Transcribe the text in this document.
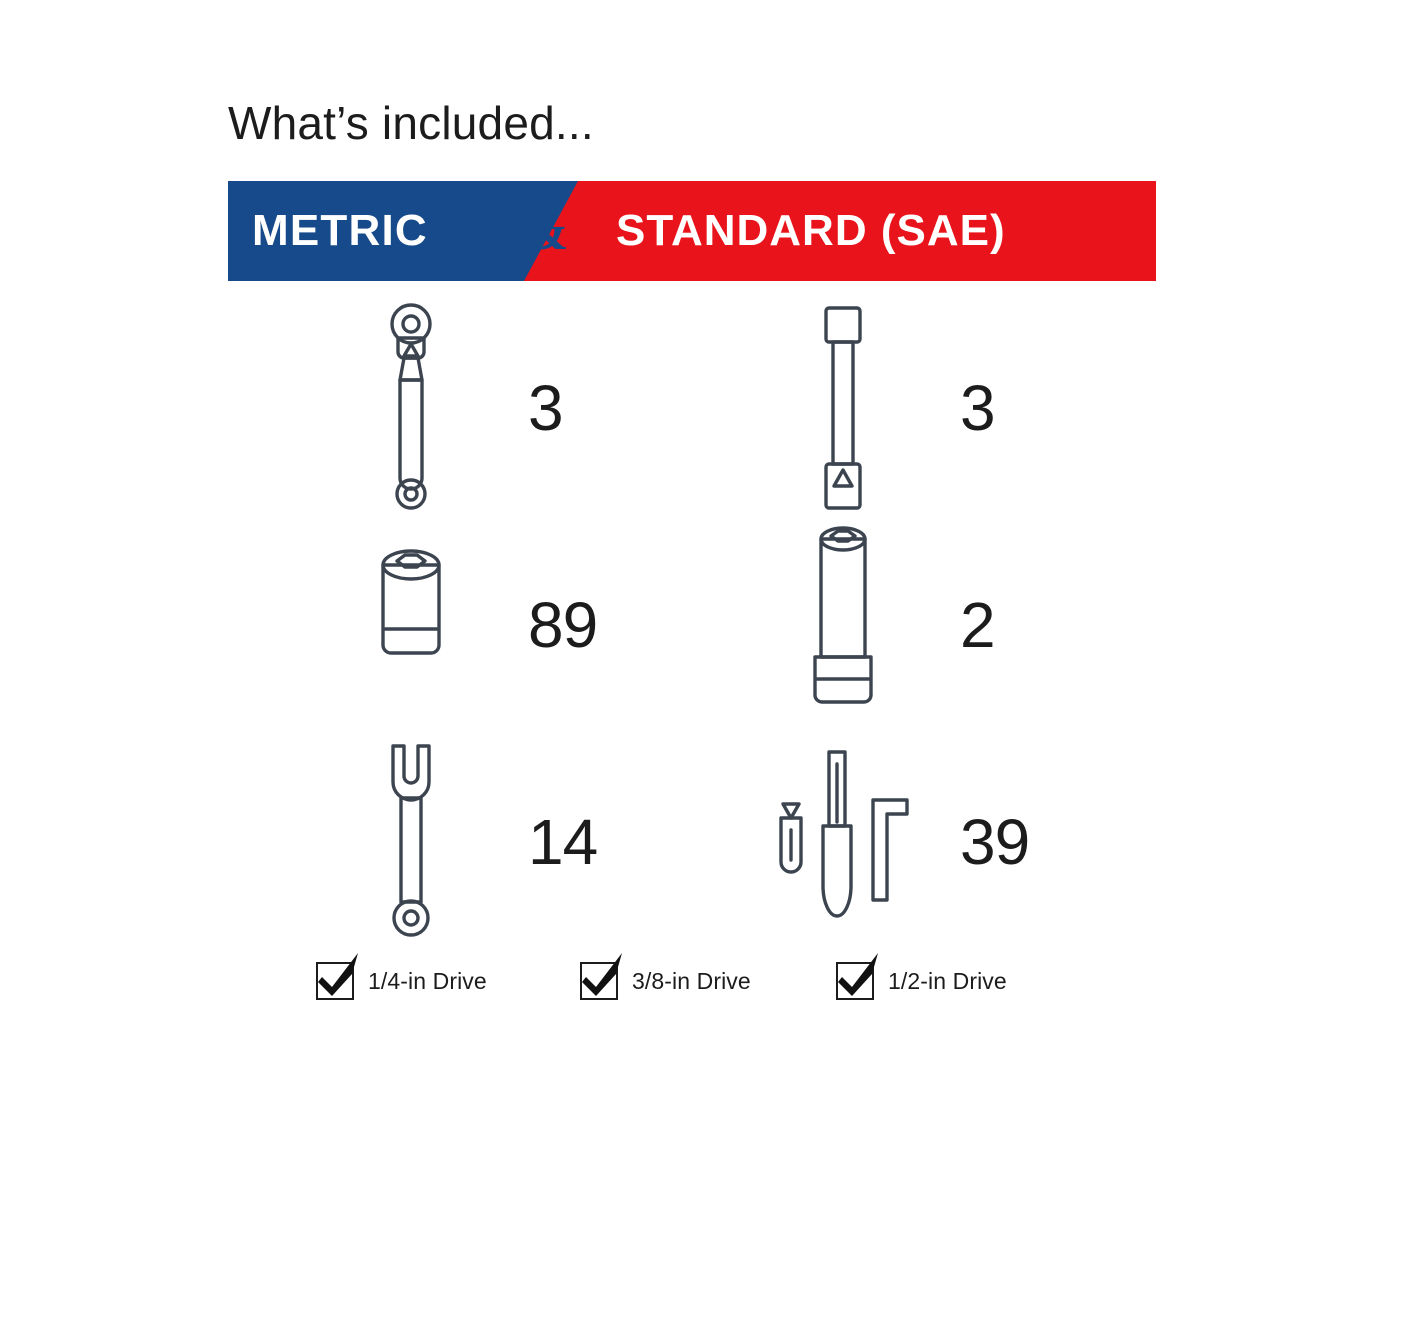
What’s included...
METRIC & STANDARD (SAE)
3	3
89	2
14	39
1/4-in Drive	3/8-in Drive	1/2-in Drive
